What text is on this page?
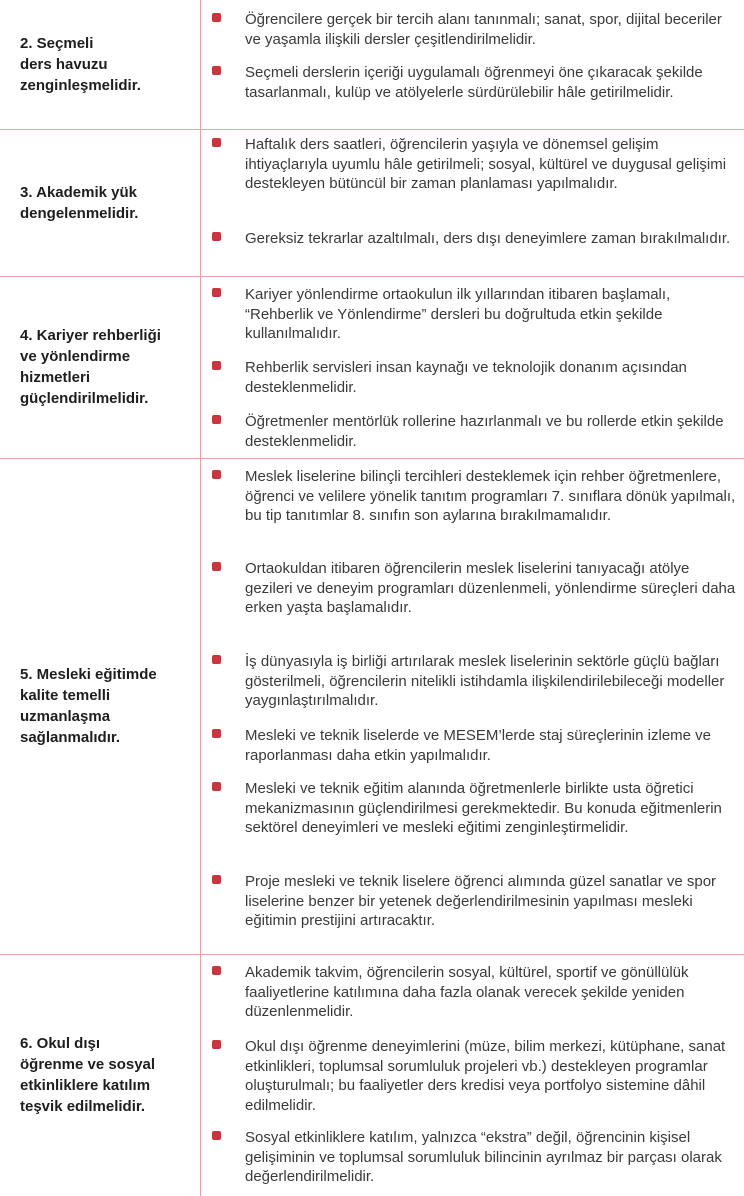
2. Seçmeli
ders havuzu
zenginleşmelidir.
Öğrencilere gerçek bir tercih alanı tanınmalı; sanat, spor, dijital beceriler ve yaşamla ilişkili dersler çeşitlendirilmelidir.
Seçmeli derslerin içeriği uygulamalı öğrenmeyi öne çıkaracak şekilde tasarlanmalı, kulüp ve atölyelerle sürdürülebilir hâle getirilmelidir.
3. Akademik yük
dengelenmelidir.
Haftalık ders saatleri, öğrencilerin yaşıyla ve dönemsel gelişim ihtiyaçlarıyla uyumlu hâle getirilmeli; sosyal, kültürel ve duygusal gelişimi destekleyen bütüncül bir zaman planlaması yapılmalıdır.
Gereksiz tekrarlar azaltılmalı, ders dışı deneyimlere zaman bırakılmalıdır.
4. Kariyer rehberliği
ve yönlendirme
hizmetleri
güçlendirilmelidir.
Kariyer yönlendirme ortaokulun ilk yıllarından itibaren başlamalı, “Rehberlik ve Yönlendirme” dersleri bu doğrultuda etkin şekilde kullanılmalıdır.
Rehberlik servisleri insan kaynağı ve teknolojik donanım açısından desteklenmelidir.
Öğretmenler mentörlük rollerine hazırlanmalı ve bu rollerde etkin şekilde desteklenmelidir.
5. Mesleki eğitimde
kalite temelli
uzmanlaşma
sağlanmalıdır.
Meslek liselerine bilinçli tercihleri desteklemek için rehber öğretmenlere, öğrenci ve velilere yönelik tanıtım programları 7. sınıflara dönük yapılmalı, bu tip tanıtımlar 8. sınıfın son aylarına bırakılmamalıdır.
Ortaokuldan itibaren öğrencilerin meslek liselerini tanıyacağı atölye gezileri ve deneyim programları düzenlenmeli, yönlendirme süreçleri daha erken yaşta başlamalıdır.
İş dünyasıyla iş birliği artırılarak meslek liselerinin sektörle güçlü bağları gösterilmeli, öğrencilerin nitelikli istihdamla ilişkilendirilebileceği modeller yaygınlaştırılmalıdır.
Mesleki ve teknik liselerde ve MESEM’lerde staj süreçlerinin izleme ve raporlanması daha etkin yapılmalıdır.
Mesleki ve teknik eğitim alanında öğretmenlerle birlikte usta öğretici mekanizmasının güçlendirilmesi gerekmektedir. Bu konuda eğitmenlerin sektörel deneyimleri ve mesleki eğitimi zenginleştirmelidir.
Proje mesleki ve teknik liselere öğrenci alımında güzel sanatlar ve spor liselerine benzer bir yetenek değerlendirilmesinin yapılması mesleki eğitimin prestijini artıracaktır.
6. Okul dışı
öğrenme ve sosyal
etkinliklere katılım
teşvik edilmelidir.
Akademik takvim, öğrencilerin sosyal, kültürel, sportif ve gönüllülük faaliyetlerine katılımına daha fazla olanak verecek şekilde yeniden düzenlenmelidir.
Okul dışı öğrenme deneyimlerini (müze, bilim merkezi, kütüphane, sanat etkinlikleri, toplumsal sorumluluk projeleri vb.) destekleyen programlar oluşturulmalı; bu faaliyetler ders kredisi veya portfolyo sistemine dâhil edilmelidir.
Sosyal etkinliklere katılım, yalnızca “ekstra” değil, öğrencinin kişisel gelişiminin ve toplumsal sorumluluk bilincinin ayrılmaz bir parçası olarak değerlendirilmelidir.
